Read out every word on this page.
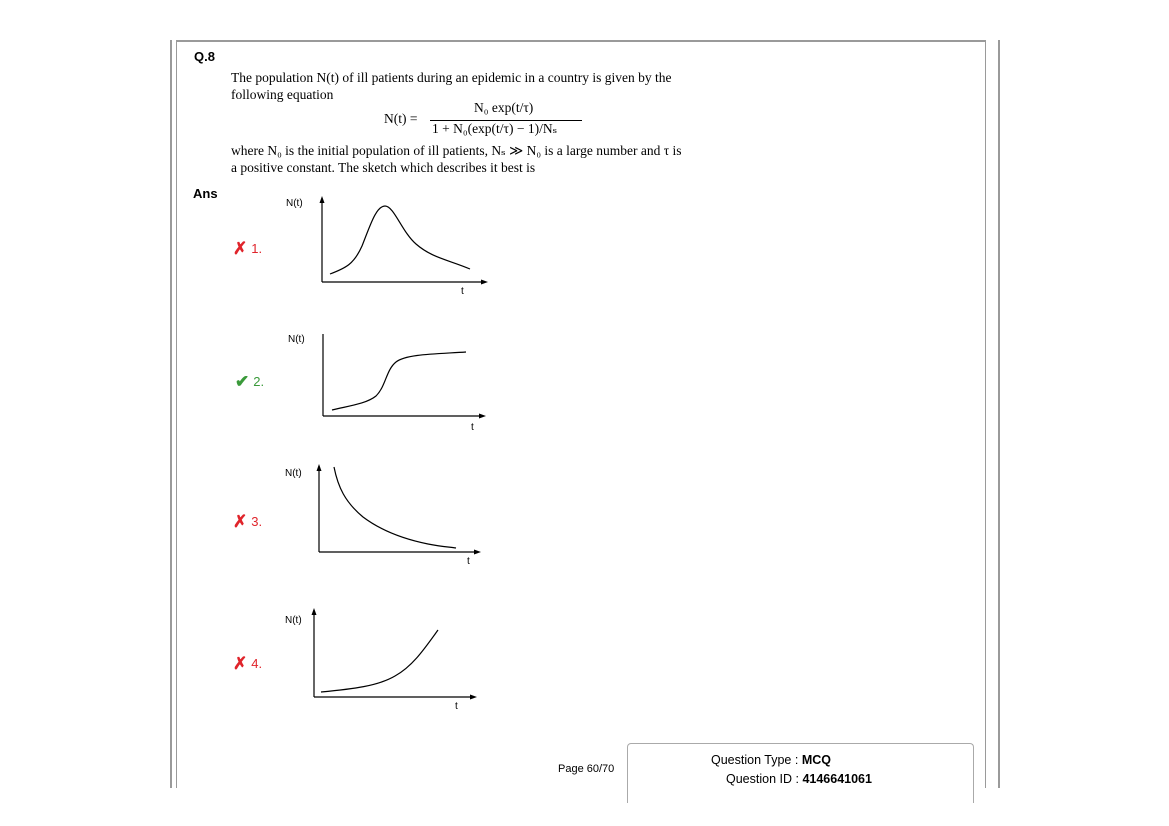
Q.8
The population N(t) of ill patients during an epidemic in a country is given by the
following equation
N(t) =
N₀ exp(t/τ)
1 + N₀(exp(t/τ) − 1)/Nₛ
where N₀ is the initial population of ill patients, Nₛ ≫ N₀ is a large number and τ is
a positive constant. The sketch which describes it best is
Ans
✗ 1.
N(t)
t
✔ 2.
N(t)
t
✗ 3.
N(t)
t
✗ 4.
N(t)
t
Page 60/70
Question Type : MCQ
Question ID : 4146641061
